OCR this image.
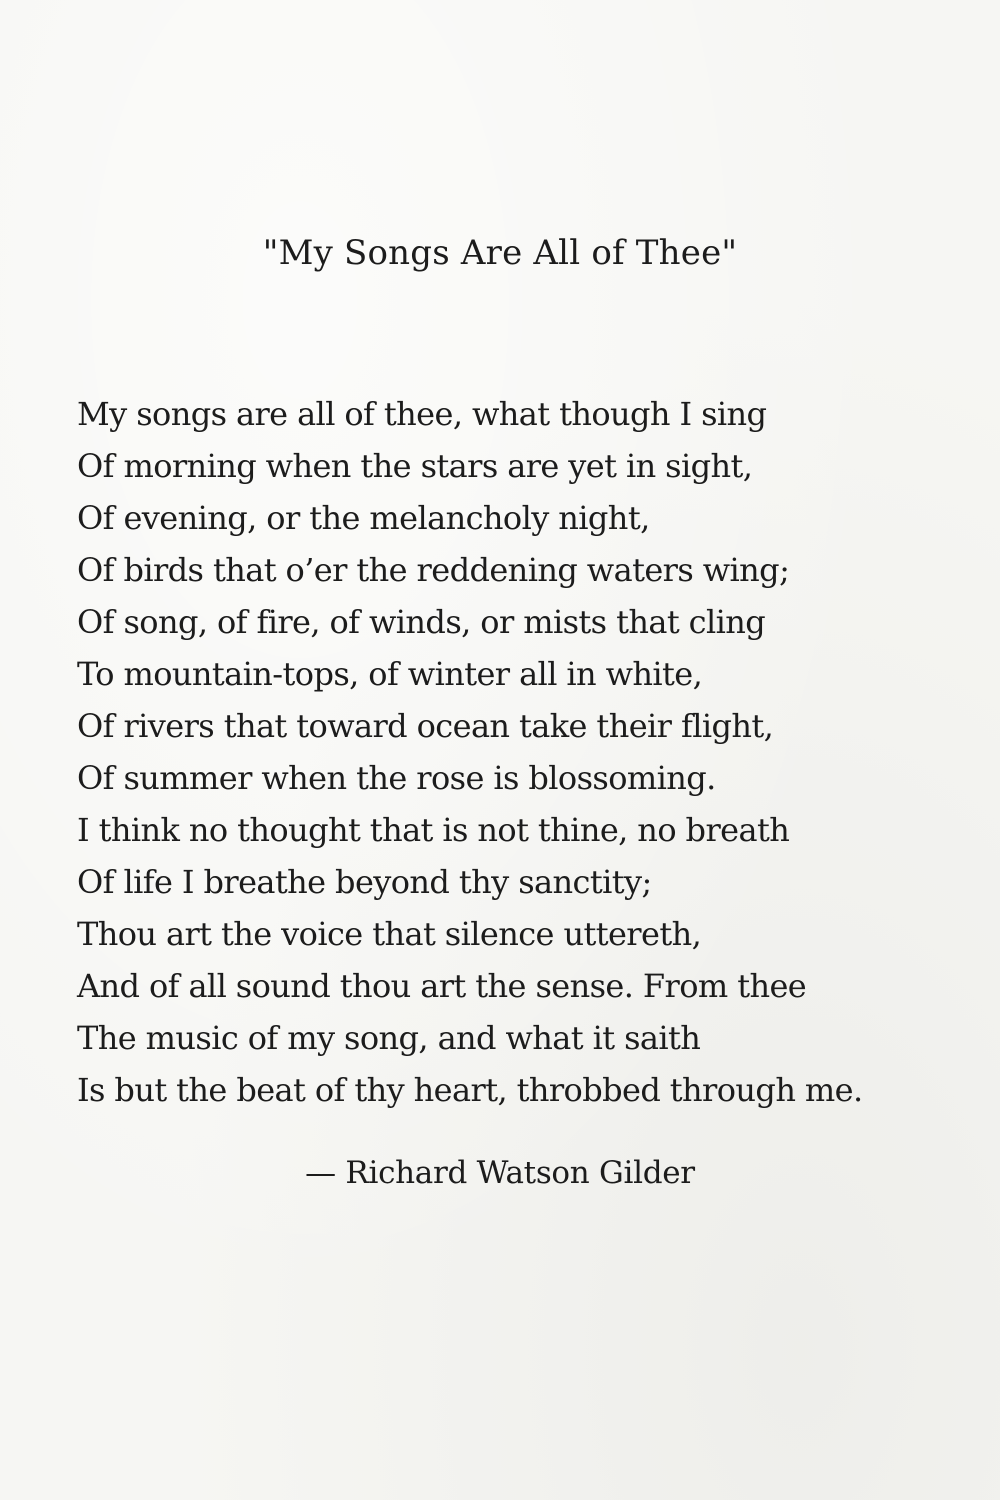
"My Songs Are All of Thee"
My songs are all of thee, what though I sing
Of morning when the stars are yet in sight,
Of evening, or the melancholy night,
Of birds that o’er the reddening waters wing;
Of song, of fire, of winds, or mists that cling
To mountain-tops, of winter all in white,
Of rivers that toward ocean take their flight,
Of summer when the rose is blossoming.
I think no thought that is not thine, no breath
Of life I breathe beyond thy sanctity;
Thou art the voice that silence uttereth,
And of all sound thou art the sense. From thee
The music of my song, and what it saith
Is but the beat of thy heart, throbbed through me.

— Richard Watson Gilder
